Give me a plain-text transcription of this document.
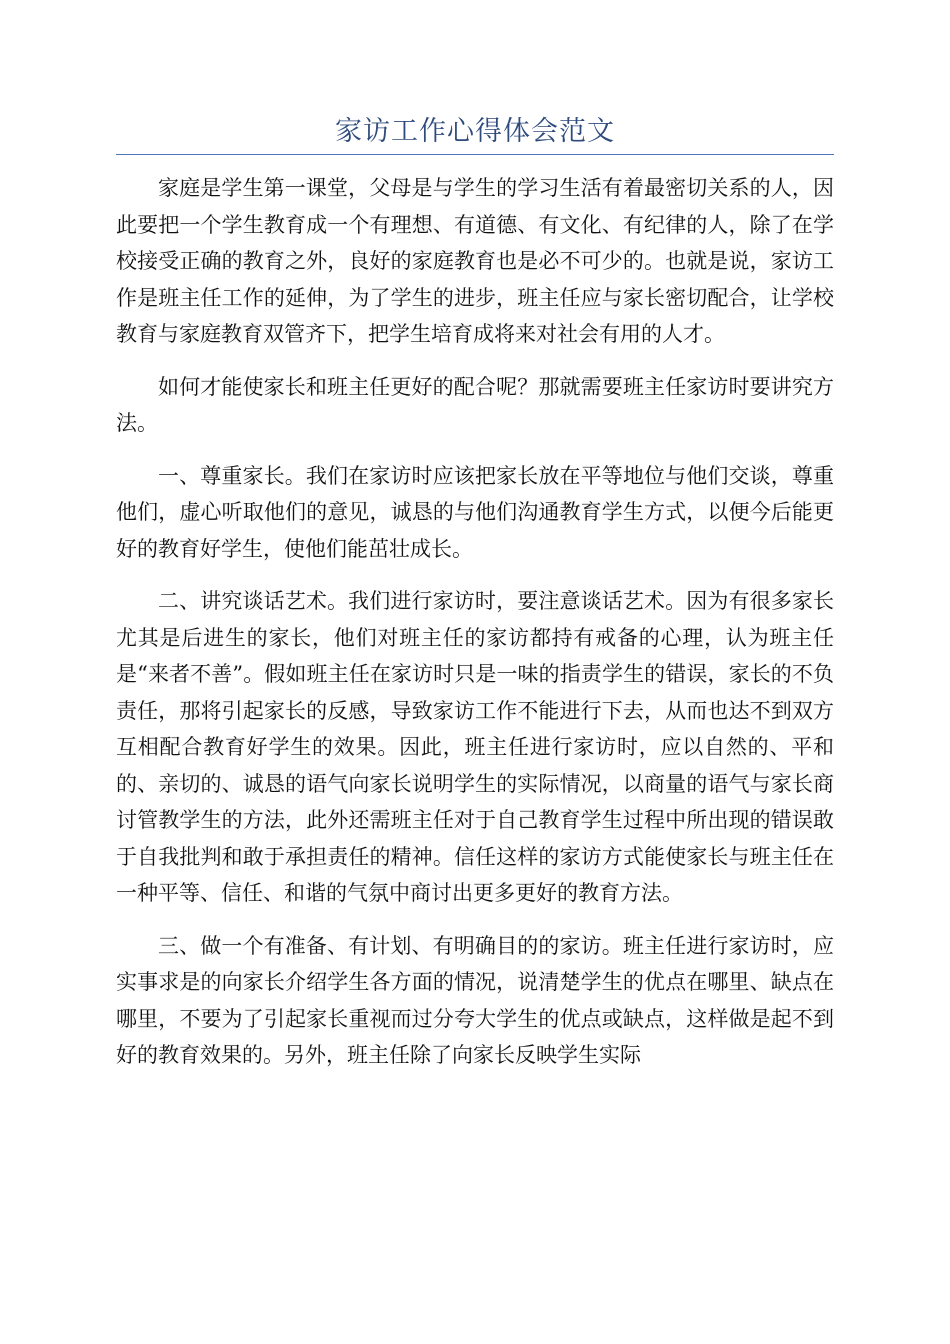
家访工作心得体会范文

家庭是学生第一课堂，父母是与学生的学习生活有着最密切关系的人，因此要把一个学生教育成一个有理想、有道德、有文化、有纪律的人，除了在学校接受正确的教育之外，良好的家庭教育也是必不可少的。也就是说，家访工作是班主任工作的延伸，为了学生的进步，班主任应与家长密切配合，让学校教育与家庭教育双管齐下，把学生培育成将来对社会有用的人才。

如何才能使家长和班主任更好的配合呢？那就需要班主任家访时要讲究方法。

一、尊重家长。我们在家访时应该把家长放在平等地位与他们交谈，尊重他们，虚心听取他们的意见，诚恳的与他们沟通教育学生方式，以便今后能更好的教育好学生，使他们能茁壮成长。

二、讲究谈话艺术。我们进行家访时，要注意谈话艺术。因为有很多家长尤其是后进生的家长，他们对班主任的家访都持有戒备的心理，认为班主任是“来者不善”。假如班主任在家访时只是一味的指责学生的错误，家长的不负责任，那将引起家长的反感，导致家访工作不能进行下去，从而也达不到双方互相配合教育好学生的效果。因此，班主任进行家访时，应以自然的、平和的、亲切的、诚恳的语气向家长说明学生的实际情况，以商量的语气与家长商讨管教学生的方法，此外还需班主任对于自己教育学生过程中所出现的错误敢于自我批判和敢于承担责任的精神。信任这样的家访方式能使家长与班主任在一种平等、信任、和谐的气氛中商讨出更多更好的教育方法。

三、做一个有准备、有计划、有明确目的的家访。班主任进行家访时，应实事求是的向家长介绍学生各方面的情况，说清楚学生的优点在哪里、缺点在哪里，不要为了引起家长重视而过分夸大学生的优点或缺点，这样做是起不到好的教育效果的。另外，班主任除了向家长反映学生实际
